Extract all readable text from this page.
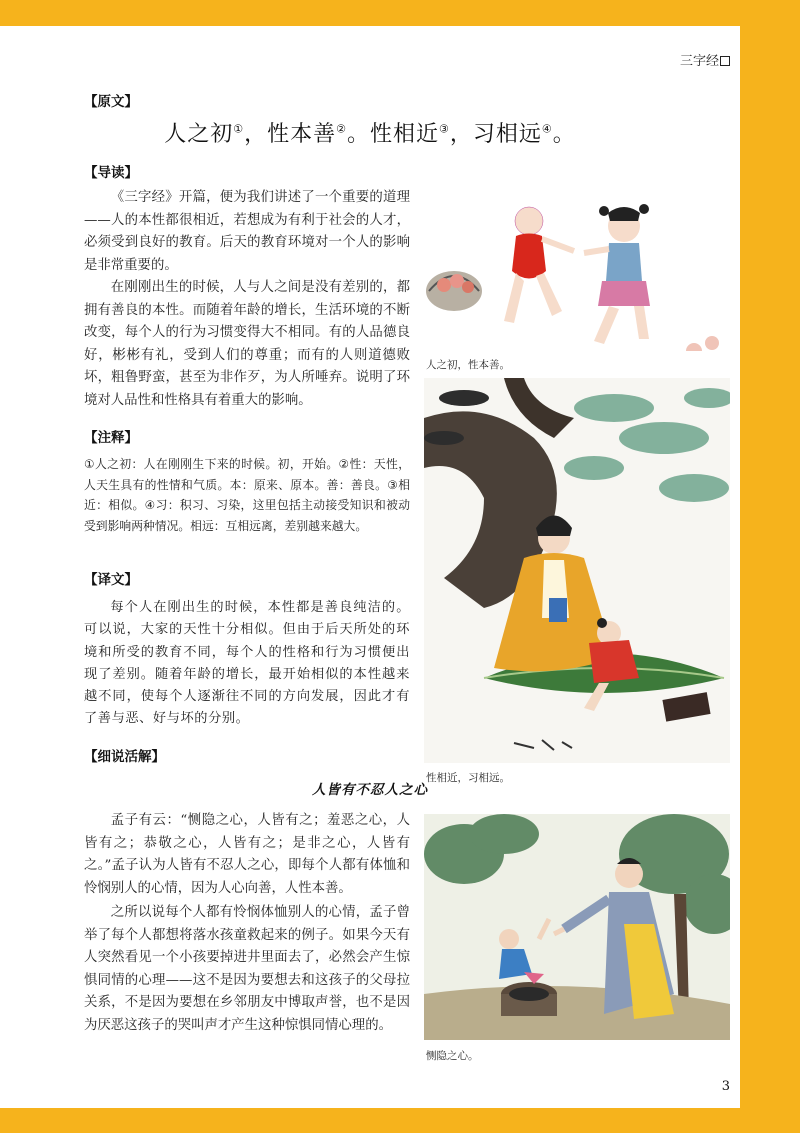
三字经
【原文】
人之初①，性本善②。性相近③，习相远④。
【导读】
《三字经》开篇，便为我们讲述了一个重要的道理——人的本性都很相近，若想成为有利于社会的人才，必须受到良好的教育。后天的教育环境对一个人的影响是非常重要的。
在刚刚出生的时候，人与人之间是没有差别的，都拥有善良的本性。而随着年龄的增长，生活环境的不断改变，每个人的行为习惯变得大不相同。有的人品德良好，彬彬有礼，受到人们的尊重；而有的人则道德败坏，粗鲁野蛮，甚至为非作歹，为人所唾弃。说明了环境对人品性和性格具有着重大的影响。
【注释】
①人之初：人在刚刚生下来的时候。初，开始。②性：天性，人天生具有的性情和气质。本：原来、原本。善：善良。③相近：相似。④习：积习、习染，这里包括主动接受知识和被动受到影响两种情况。相远：互相远离，差别越来越大。
【译文】
每个人在刚出生的时候，本性都是善良纯洁的。可以说，大家的天性十分相似。但由于后天所处的环境和所受的教育不同，每个人的性格和行为习惯便出现了差别。随着年龄的增长，最开始相似的本性越来越不同，使每个人逐渐往不同的方向发展，因此才有了善与恶、好与坏的分别。
【细说活解】
人皆有不忍人之心
孟子有云：“恻隐之心，人皆有之；羞恶之心，人皆有之；恭敬之心，人皆有之；是非之心，人皆有之。”孟子认为人皆有不忍人之心，即每个人都有体恤和怜悯别人的心情，因为人心向善，人性本善。
之所以说每个人都有怜悯体恤别人的心情，孟子曾举了每个人都想将落水孩童救起来的例子。如果今天有人突然看见一个小孩要掉进井里面去了，必然会产生惊惧同情的心理——这不是因为要想去和这孩子的父母拉关系，不是因为要想在乡邻朋友中博取声誉，也不是因为厌恶这孩子的哭叫声才产生这种惊惧同情心理的。
人之初，性本善。
性相近，习相远。
恻隐之心。
3
